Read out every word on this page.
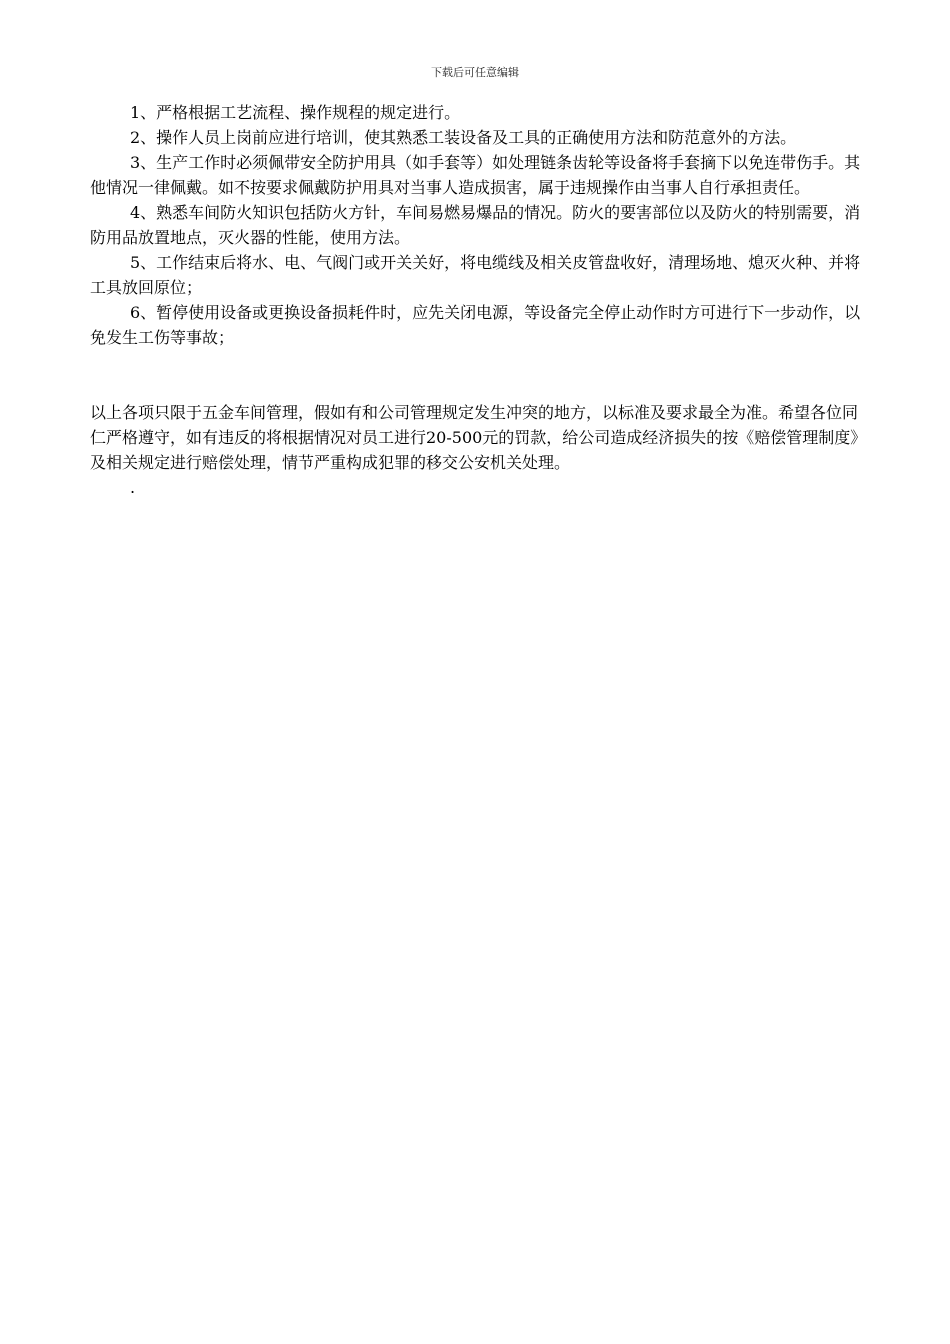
下载后可任意编辑

1、严格根据工艺流程、操作规程的规定进行。

2、操作人员上岗前应进行培训，使其熟悉工装设备及工具的正确使用方法和防范意外的方法。

3、生产工作时必须佩带安全防护用具（如手套等）如处理链条齿轮等设备将手套摘下以免连带伤手。其他情况一律佩戴。如不按要求佩戴防护用具对当事人造成损害，属于违规操作由当事人自行承担责任。

4、熟悉车间防火知识包括防火方针，车间易燃易爆品的情况。防火的要害部位以及防火的特别需要，消防用品放置地点，灭火器的性能，使用方法。

5、工作结束后将水、电、气阀门或开关关好，将电缆线及相关皮管盘收好，清理场地、熄灭火种、并将工具放回原位；

6、暂停使用设备或更换设备损耗件时，应先关闭电源，等设备完全停止动作时方可进行下一步动作，以免发生工伤等事故；

以上各项只限于五金车间管理，假如有和公司管理规定发生冲突的地方，以标准及要求最全为准。希望各位同仁严格遵守，如有违反的将根据情况对员工进行20-500元的罚款，给公司造成经济损失的按《赔偿管理制度》及相关规定进行赔偿处理，情节严重构成犯罪的移交公安机关处理。

.
